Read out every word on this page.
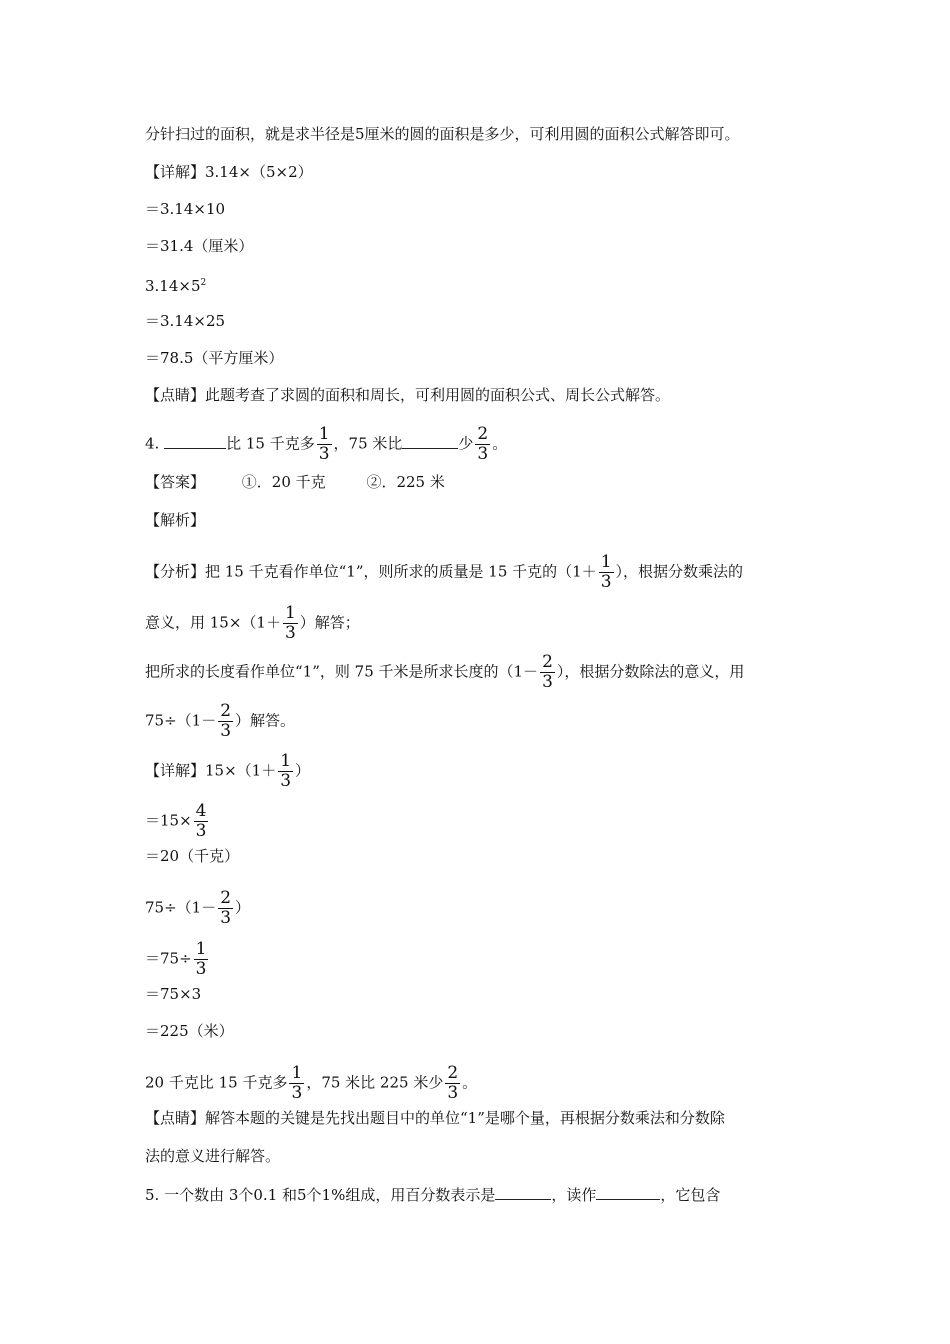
分针扫过的面积，就是求半径是5厘米的圆的面积是多少，可利用圆的面积公式解答即可。
【详解】3.14×（5×2）
＝3.14×10
＝31.4（厘米）
$3.14\times 5^2$
＝3.14×25
＝78.5（平方厘米）
【点睛】此题考查了求圆的面积和周长，可利用圆的面积公式、周长公式解答。
4.	比 15 千克多 $\frac{1}{3}$ ，75 米比	少 $\frac{2}{3}$ 。
【答案】 ①．20 千克	②．225 米
【解析】
【分析】把 15 千克看作单位“1”，则所求的质量是 15 千克的（$1+ \frac{1}{3}$ ），根据分数乘法的
意义，用 $15\times(1+ \frac{1}{3}$ ）解答；
把所求的长度看作单位“1”，则 75 千米是所求长度的（$1- \frac{2}{3}$ ），根据分数除法的意义，用
$75\div(1- \frac{2}{3}$ ）解答。
【详解】$15\times(1+ \frac{1}{3}$ ）
$=15\times \frac{4}{3}$
＝20（千克）
$75\div(1- \frac{2}{3}$ ）
$=75\div \frac{1}{3}$
＝75×3
＝225（米）
20 千克比 15 千克多 $\frac{1}{3}$ ，75 米比 225 米少 $\frac{2}{3}$ 。
【点睛】解答本题的关键是先找出题目中的单位“1”是哪个量，再根据分数乘法和分数除
法的意义进行解答。
5. 一个数由 3个0.1 和5个1%组成，用百分数表示是	，读作	，它包含
